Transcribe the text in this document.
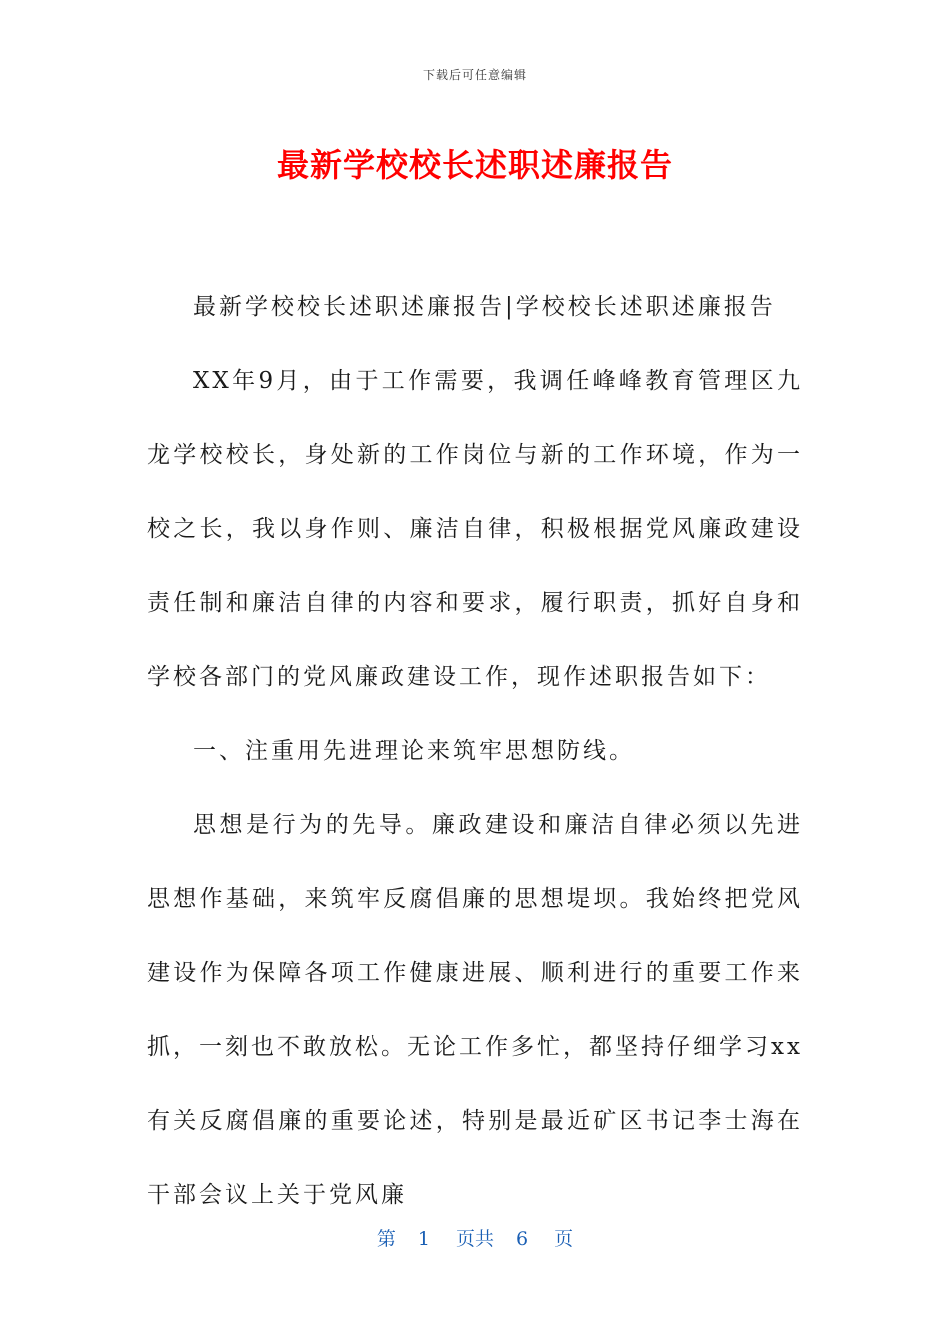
下载后可任意编辑
最新学校校长述职述廉报告

最新学校校长述职述廉报告|学校校长述职述廉报告

XX年9月，由于工作需要，我调任峰峰教育管理区九龙学校校长，身处新的工作岗位与新的工作环境，作为一校之长，我以身作则、廉洁自律，积极根据党风廉政建设责任制和廉洁自律的内容和要求，履行职责，抓好自身和学校各部门的党风廉政建设工作，现作述职报告如下：

一、注重用先进理论来筑牢思想防线。

思想是行为的先导。廉政建设和廉洁自律必须以先进思想作基础，来筑牢反腐倡廉的思想堤坝。我始终把党风建设作为保障各项工作健康进展、顺利进行的重要工作来抓，一刻也不敢放松。无论工作多忙，都坚持仔细学习xx有关反腐倡廉的重要论述，特别是最近矿区书记李士海在干部会议上关于党风廉

第 1 页共 6 页
